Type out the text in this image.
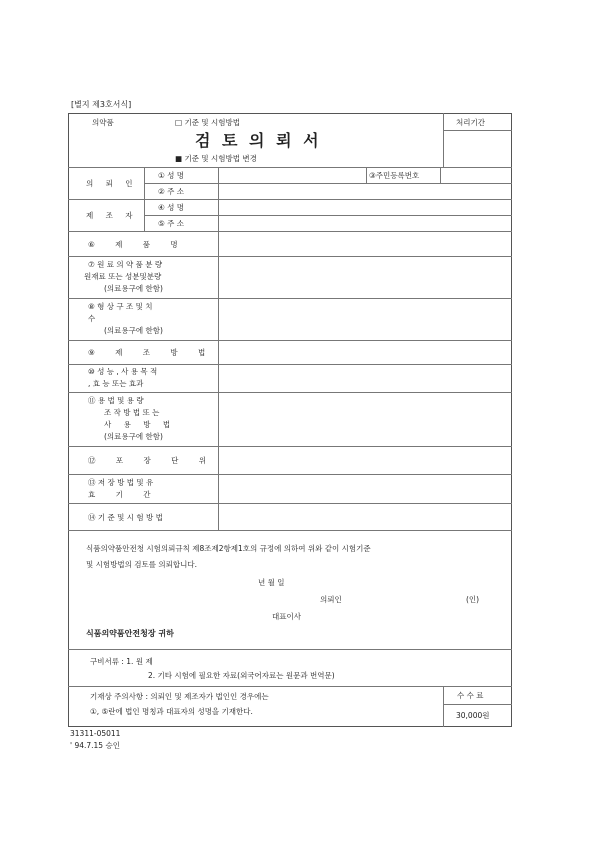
[별지 제3호서식]
의약품	□ 기준 및 시험방법
검 토 의 뢰 서
■ 기준 및 시험방법 변경
처리기간
의 뢰 인
① 성 명
② 주 소
③주민등록번호
제 조 자
④ 성 명
⑤ 주 소
⑥ 제 품 명
⑦ 원 료 의 약 품 분 량
원재료 또는 성분및분량
(의료용구에 한함)
⑧ 형 상 구 조 및 치
수
(의료용구에 한함)
⑨ 제 조 방 법
⑩ 성 능 , 사 용 목 적
, 효 능 또는 효과
⑪ 용 법 및 용 량
조 작 방 법 또 는
사 용 방 법
(의료용구에 한함)
⑫ 포 장 단 위
⑬ 저 장 방 법 및 유
효 기 간
⑭ 기 준 및 시 험 방 법
식품의약품안전청 시험의뢰규칙 제8조제2항제1호의 규정에 의하여 위와 같이 시험기준
및 시험방법의 검토를 의뢰합니다.
년 월 일
의뢰인	(인)
대표이사
식품의약품안전청장 귀하
구비서류 : 1. 원 제
2. 기타 시험에 필요한 자료(외국어자료는 원문과 번역문)
기재상 주의사항 : 의뢰인 및 제조자가 법인인 경우에는
①, ⑤란에 법인 명칭과 대표자의 성명을 기재한다.
수 수 료
30,000원
31311-05011
' 94.7.15 승인
